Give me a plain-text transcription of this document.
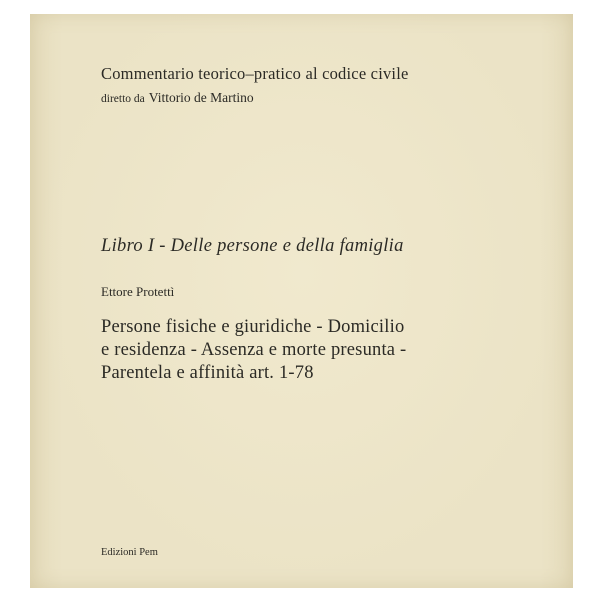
Commentario teorico–pratico al codice civile
diretto da Vittorio de Martino
Libro I - Delle persone e della famiglia
Ettore Protettì
Persone fisiche e giuridiche - Domicilio
e residenza - Assenza e morte presunta -
Parentela e affinità art. 1-78
Edizioni Pem
